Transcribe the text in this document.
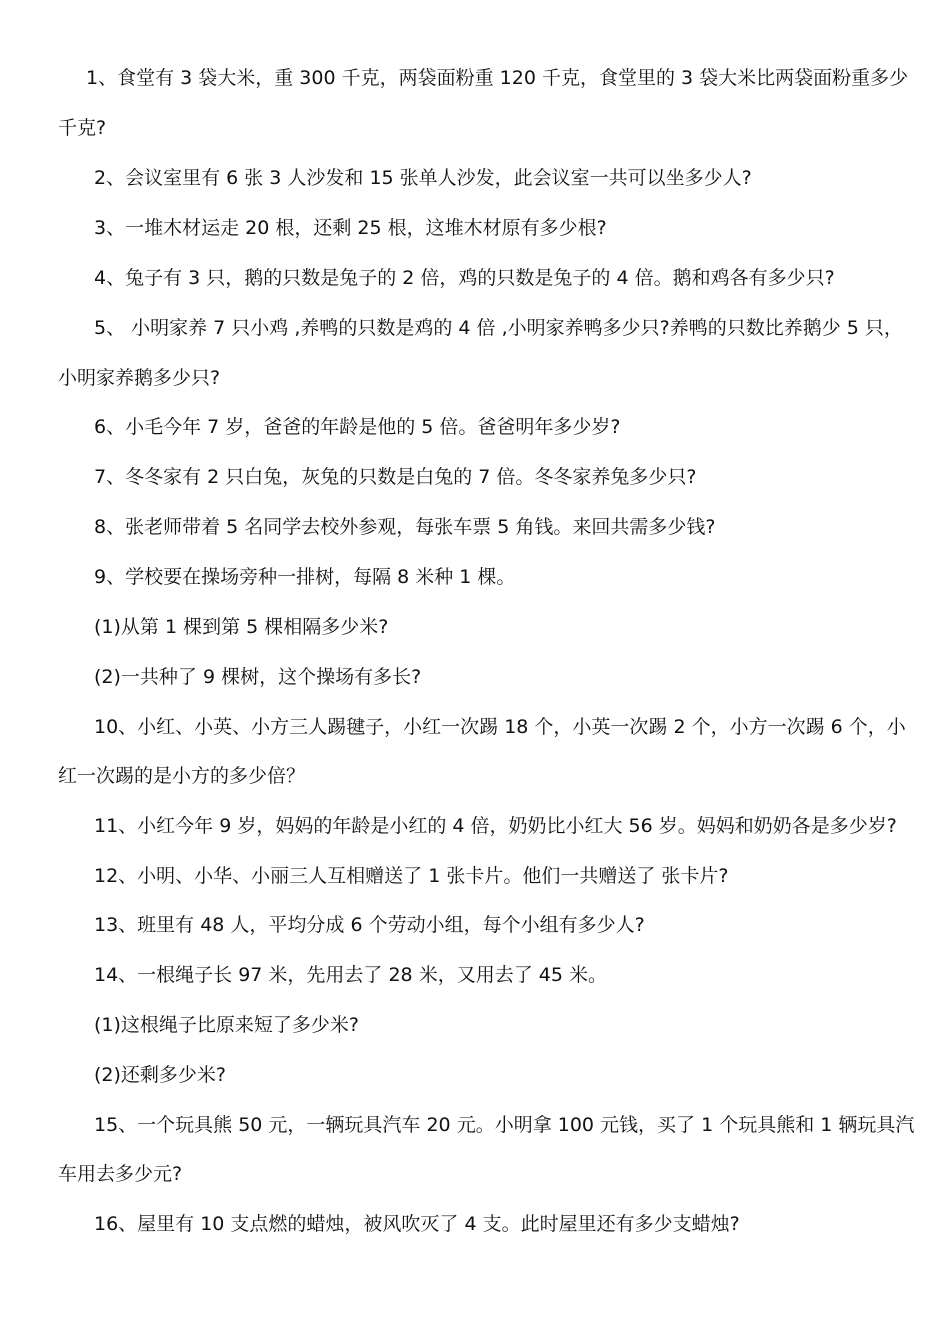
1、食堂有 3 袋大米，重 300 千克，两袋面粉重 120 千克，食堂里的 3 袋大米比两袋面粉重多少
千克?
2、会议室里有 6 张 3 人沙发和 15 张单人沙发，此会议室一共可以坐多少人?
3、一堆木材运走 20 根，还剩 25 根，这堆木材原有多少根?
4、兔子有 3 只，鹅的只数是兔子的 2 倍，鸡的只数是兔子的 4 倍。鹅和鸡各有多少只?
5、 小明家养 7 只小鸡 ,养鸭的只数是鸡的 4 倍 ,小明家养鸭多少只?养鸭的只数比养鹅少 5 只，
小明家养鹅多少只?
6、小毛今年 7 岁，爸爸的年龄是他的 5 倍。爸爸明年多少岁?
7、冬冬家有 2 只白兔，灰兔的只数是白兔的 7 倍。冬冬家养兔多少只?
8、张老师带着 5 名同学去校外参观，每张车票 5 角钱。来回共需多少钱?
9、学校要在操场旁种一排树，每隔 8 米种 1 棵。
(1)从第 1 棵到第 5 棵相隔多少米?
(2)一共种了 9 棵树，这个操场有多长?
10、小红、小英、小方三人踢毽子，小红一次踢 18 个，小英一次踢 2 个，小方一次踢 6 个，小
红一次踢的是小方的多少倍？
11、小红今年 9 岁，妈妈的年龄是小红的 4 倍，奶奶比小红大 56 岁。妈妈和奶奶各是多少岁?
12、小明、小华、小丽三人互相赠送了 1 张卡片。他们一共赠送了 张卡片?
13、班里有 48 人，平均分成 6 个劳动小组，每个小组有多少人?
14、一根绳子长 97 米，先用去了 28 米，又用去了 45 米。
(1)这根绳子比原来短了多少米?
(2)还剩多少米?
15、一个玩具熊 50 元，一辆玩具汽车 20 元。小明拿 100 元钱，买了 1 个玩具熊和 1 辆玩具汽
车用去多少元?
16、屋里有 10 支点燃的蜡烛，被风吹灭了 4 支。此时屋里还有多少支蜡烛?
